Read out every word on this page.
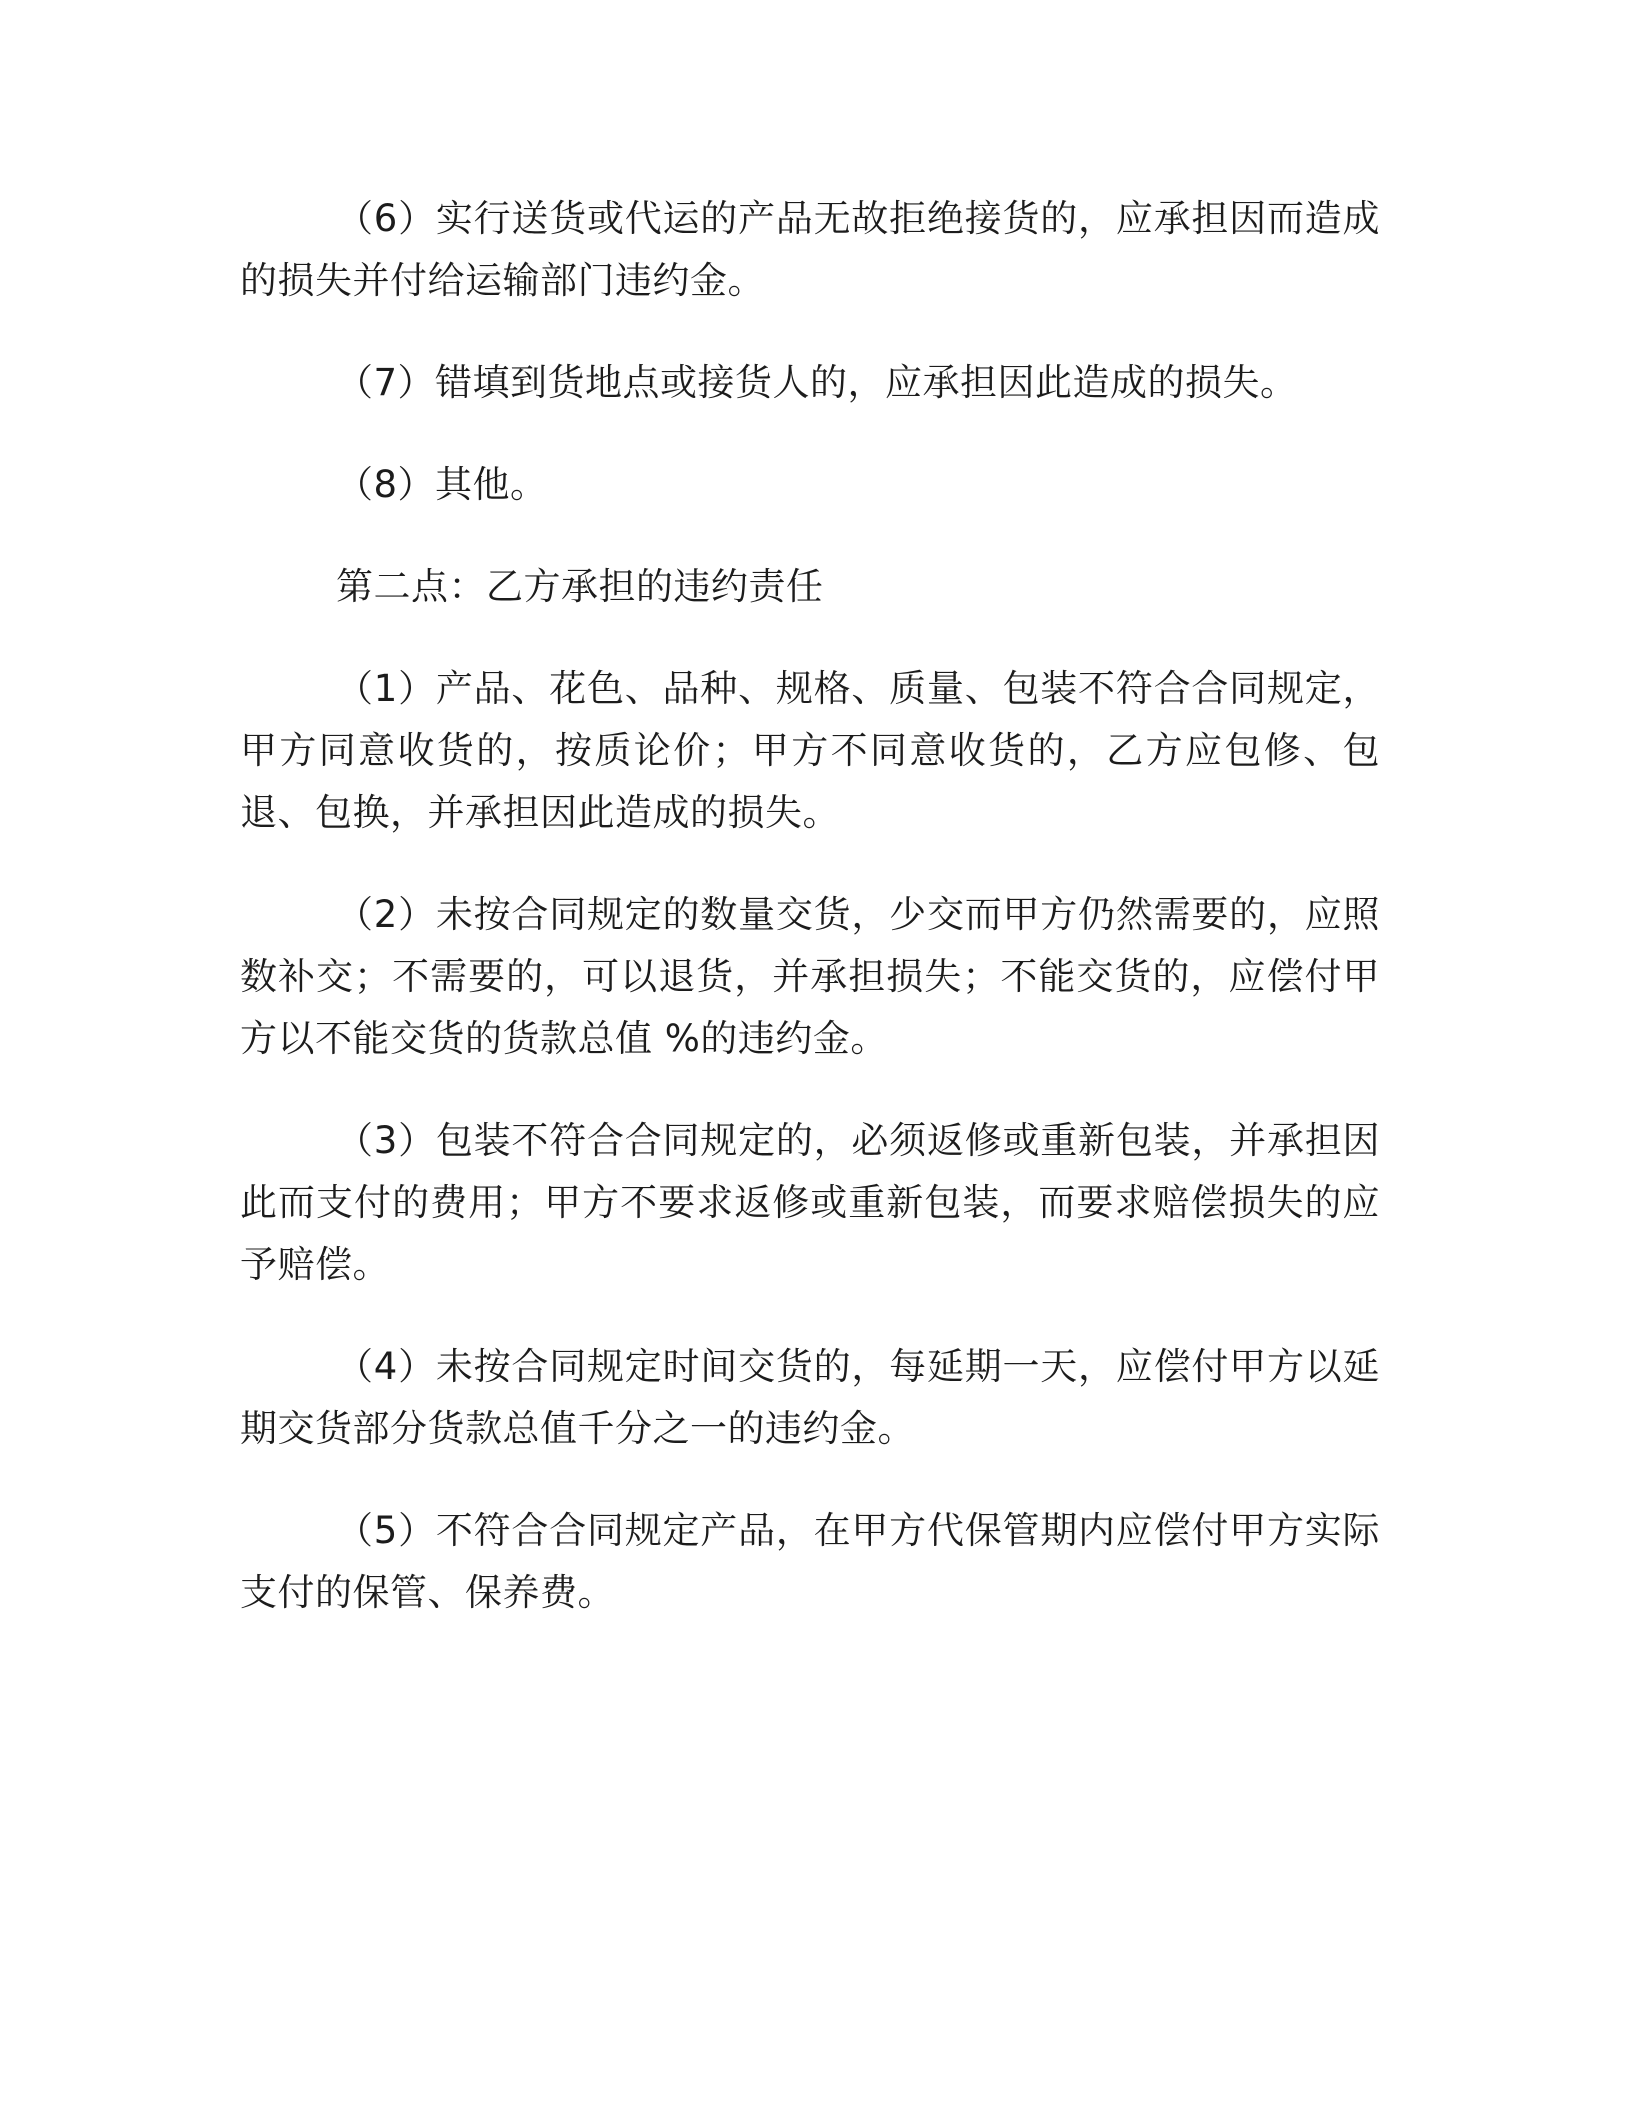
（6）实行送货或代运的产品无故拒绝接货的，应承担因而造成的损失并付给运输部门违约金。

（7）错填到货地点或接货人的，应承担因此造成的损失。

（8）其他。

第二点：乙方承担的违约责任

（1）产品、花色、品种、规格、质量、包装不符合合同规定，甲方同意收货的，按质论价；甲方不同意收货的，乙方应包修、包退、包换，并承担因此造成的损失。

（2）未按合同规定的数量交货，少交而甲方仍然需要的，应照数补交；不需要的，可以退货，并承担损失；不能交货的，应偿付甲方以不能交货的货款总值 %的违约金。

（3）包装不符合合同规定的，必须返修或重新包装，并承担因此而支付的费用；甲方不要求返修或重新包装，而要求赔偿损失的应予赔偿。

（4）未按合同规定时间交货的，每延期一天，应偿付甲方以延期交货部分货款总值千分之一的违约金。

（5）不符合合同规定产品，在甲方代保管期内应偿付甲方实际支付的保管、保养费。
